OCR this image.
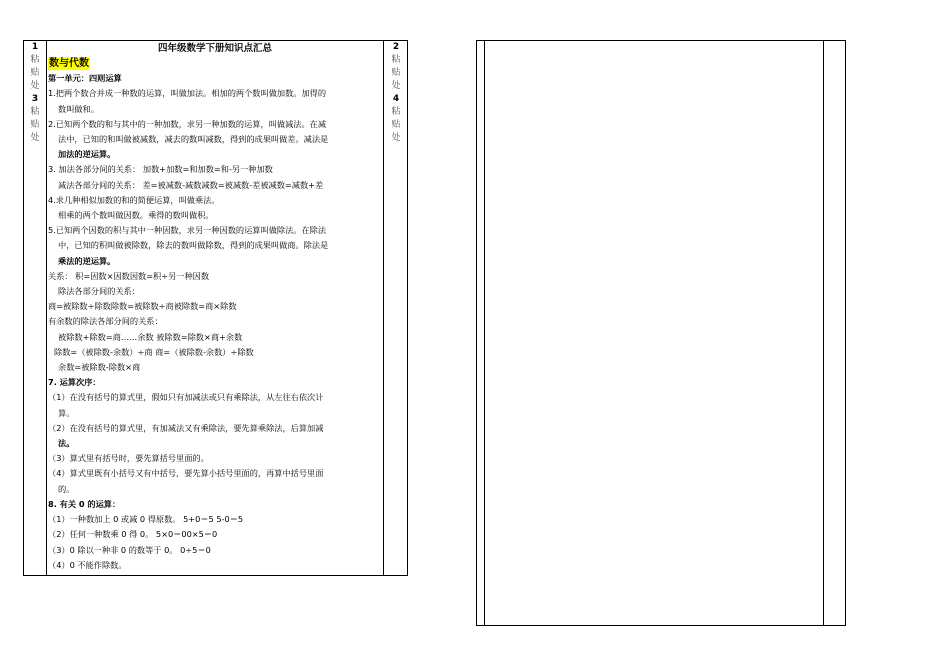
1
粘
贴
处
3
粘
贴
处
2
粘
贴
处
4
粘
贴
处
四年级数学下册知识点汇总
数与代数
第一单元：四则运算
1.把两个数合并成一种数的运算，叫做加法。相加的两个数叫做加数。加得的
数叫做和。
2.已知两个数的和与其中的一种加数，求另一种加数的运算，叫做减法。在减
法中，已知的和叫做被减数，减去的数叫减数，得到的成果叫做差。减法是
加法的逆运算。
3. 加法各部分间的关系： 加数+加数=和加数=和-另一种加数
减法各部分间的关系： 差=被减数-减数减数=被减数-差被减数=减数+差
4.求几种相似加数的和的简便运算，叫做乘法。
相乘的两个数叫做因数。乘得的数叫做积。
5.已知两个因数的积与其中一种因数，求另一种因数的运算叫做除法。在除法
中，已知的积叫做被除数，除去的数叫做除数，得到的成果叫做商。除法是
乘法的逆运算。
关系： 积=因数×因数因数=积÷另一种因数
除法各部分间的关系：
商=被除数÷除数除数=被除数÷商被除数=商×除数
有余数的除法各部分间的关系：
被除数+除数=商……余数 被除数=除数×商+余数
除数=（被除数-余数）÷商 商=（被除数-余数）÷除数
余数=被除数-除数×商
7. 运算次序：
（1）在没有括号的算式里，假如只有加减法或只有乘除法，从左往右依次计
算。
（2）在没有括号的算式里，有加减法又有乘除法，要先算乘除法，后算加减
法。
（3）算式里有括号时，要先算括号里面的。
（4）算式里既有小括号又有中括号，要先算小括号里面的，再算中括号里面
的。
8. 有关 0 的运算：
（1）一种数加上 0 或减 0 得原数。 5+0＝5 5-0＝5
（2）任何一种数乘 0 得 0。 5×0＝00×5＝0
（3）0 除以一种非 0 的数等于 0。 0÷5＝0
（4）0 不能作除数。
